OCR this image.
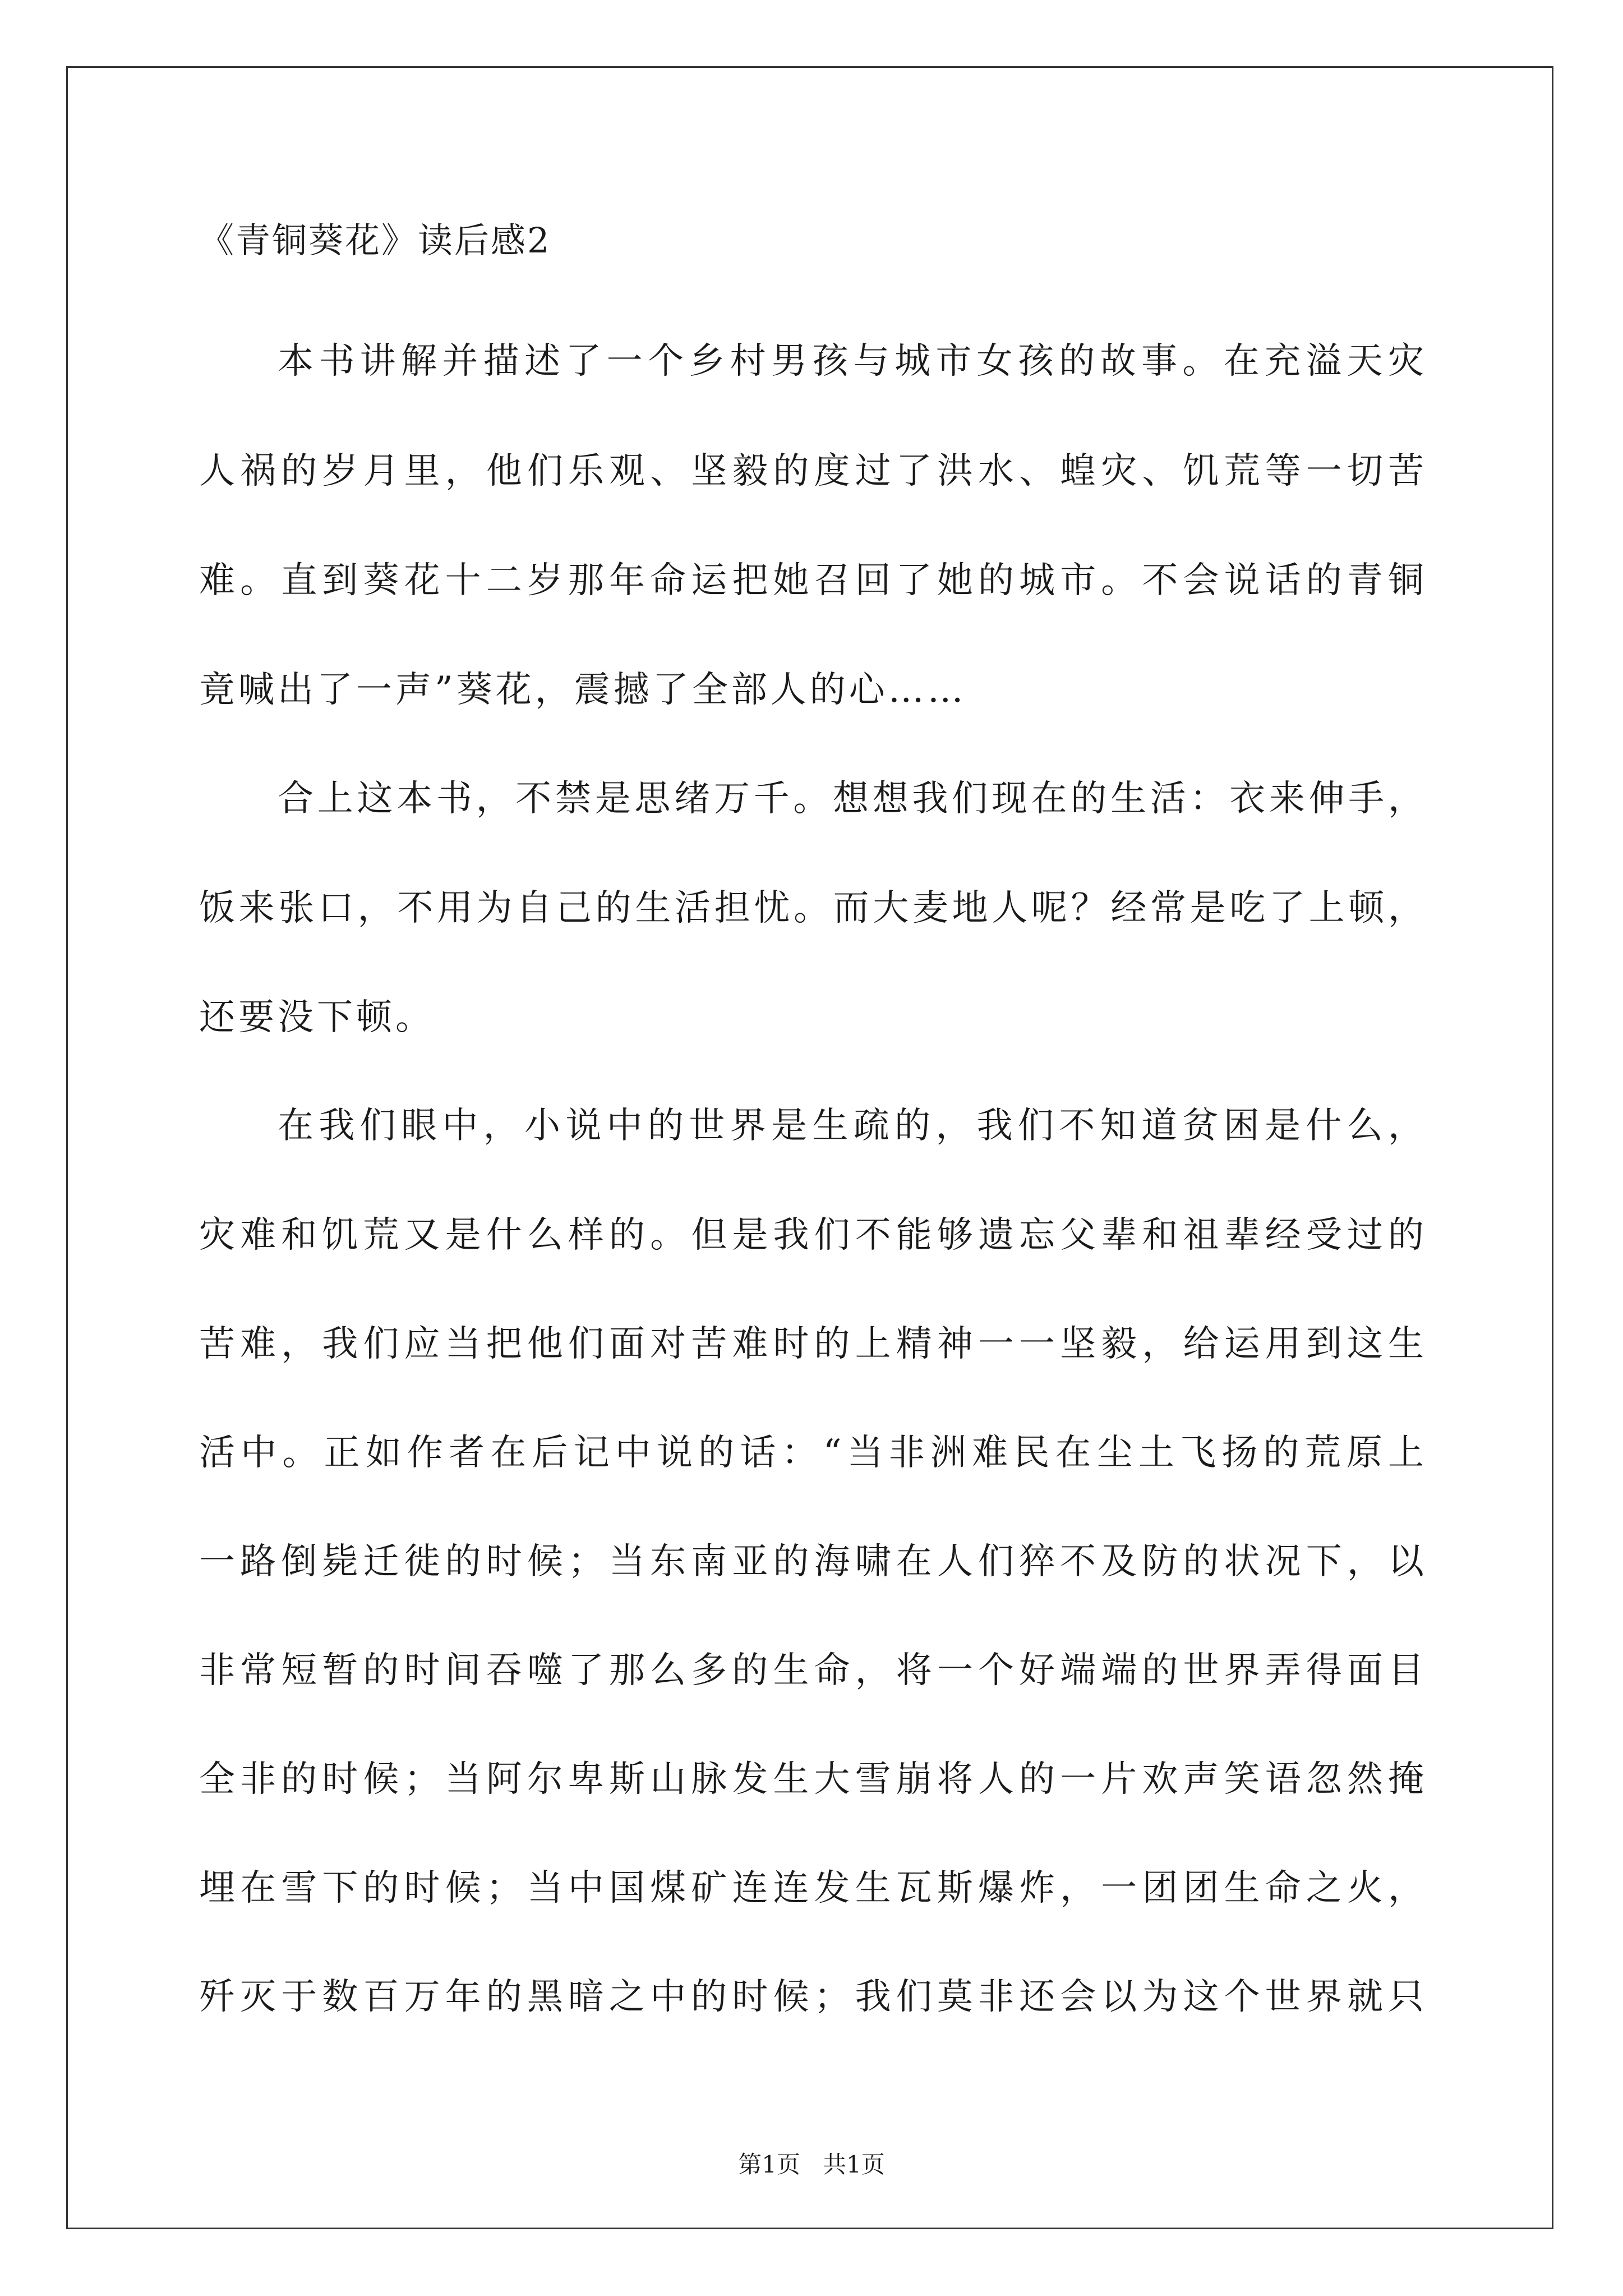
《青铜葵花》读后感2
本书讲解并描述了一个乡村男孩与城市女孩的故事。在充溢天灾
人祸的岁月里，他们乐观、坚毅的度过了洪水、蝗灾、饥荒等一切苦
难。直到葵花十二岁那年命运把她召回了她的城市。不会说话的青铜
竟喊出了一声”葵花，震撼了全部人的心……
合上这本书，不禁是思绪万千。想想我们现在的生活：衣来伸手，
饭来张口，不用为自己的生活担忧。而大麦地人呢？经常是吃了上顿，
还要没下顿。
在我们眼中，小说中的世界是生疏的，我们不知道贫困是什么，
灾难和饥荒又是什么样的。但是我们不能够遗忘父辈和祖辈经受过的
苦难，我们应当把他们面对苦难时的上精神一一坚毅，给运用到这生
活中。正如作者在后记中说的话：“当非洲难民在尘土飞扬的荒原上
一路倒毙迁徙的时候；当东南亚的海啸在人们猝不及防的状况下，以
非常短暂的时间吞噬了那么多的生命，将一个好端端的世界弄得面目
全非的时候；当阿尔卑斯山脉发生大雪崩将人的一片欢声笑语忽然掩
埋在雪下的时候；当中国煤矿连连发生瓦斯爆炸，一团团生命之火，
歼灭于数百万年的黑暗之中的时候；我们莫非还会以为这个世界就只
第1页   共1页
